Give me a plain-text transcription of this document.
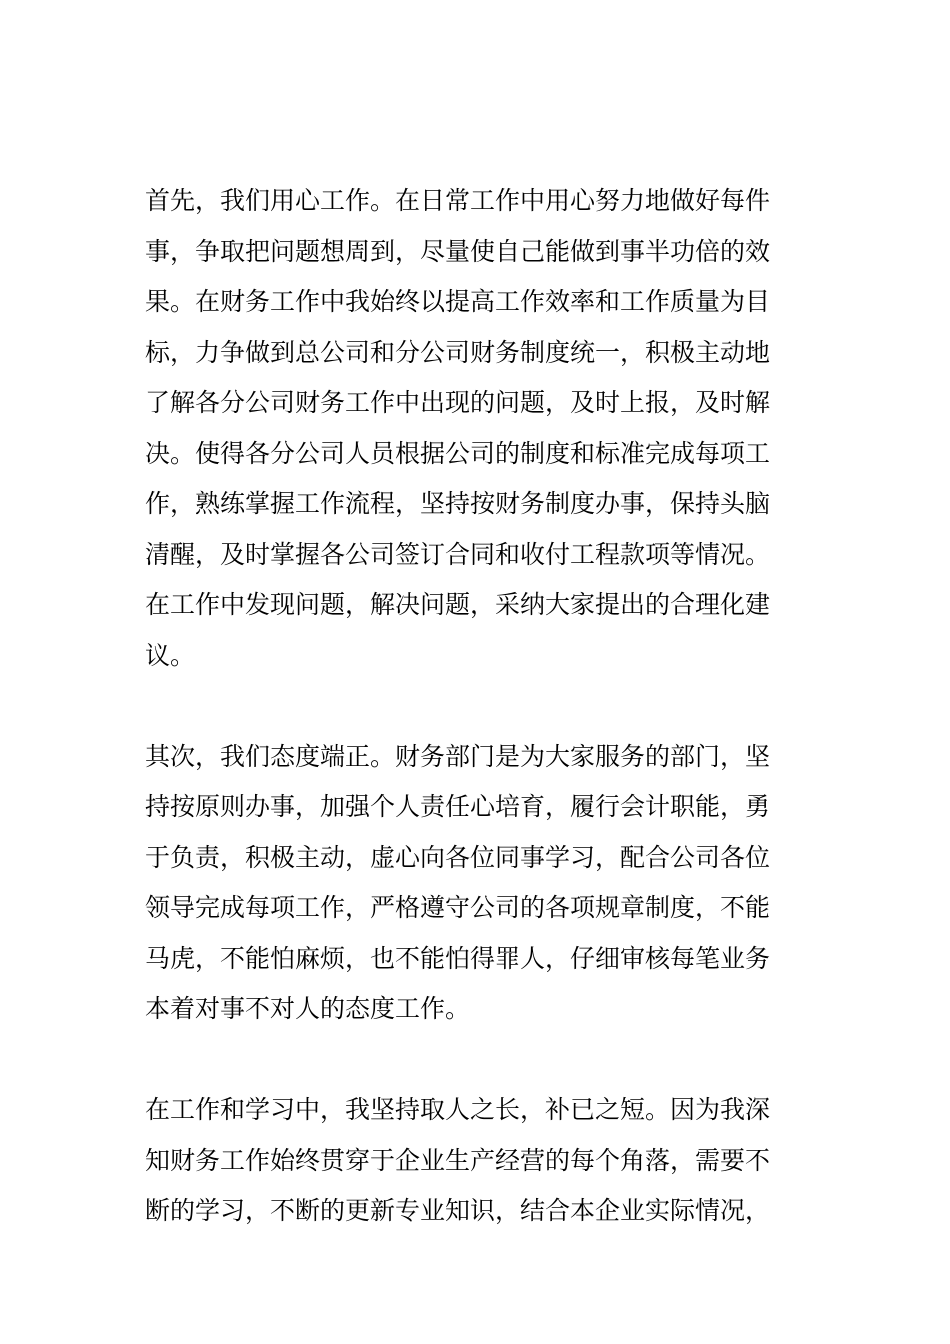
首先，我们用心工作。在日常工作中用心努力地做好每件
事，争取把问题想周到，尽量使自己能做到事半功倍的效
果。在财务工作中我始终以提高工作效率和工作质量为目
标，力争做到总公司和分公司财务制度统一，积极主动地
了解各分公司财务工作中出现的问题，及时上报，及时解
决。使得各分公司人员根据公司的制度和标准完成每项工
作，熟练掌握工作流程，坚持按财务制度办事，保持头脑
清醒，及时掌握各公司签订合同和收付工程款项等情况。
在工作中发现问题，解决问题，采纳大家提出的合理化建
议。
其次，我们态度端正。财务部门是为大家服务的部门，坚
持按原则办事，加强个人责任心培育，履行会计职能，勇
于负责，积极主动，虚心向各位同事学习，配合公司各位
领导完成每项工作，严格遵守公司的各项规章制度，不能
马虎，不能怕麻烦，也不能怕得罪人，仔细审核每笔业务
本着对事不对人的态度工作。
在工作和学习中，我坚持取人之长，补已之短。因为我深
知财务工作始终贯穿于企业生产经营的每个角落，需要不
断的学习，不断的更新专业知识，结合本企业实际情况，
